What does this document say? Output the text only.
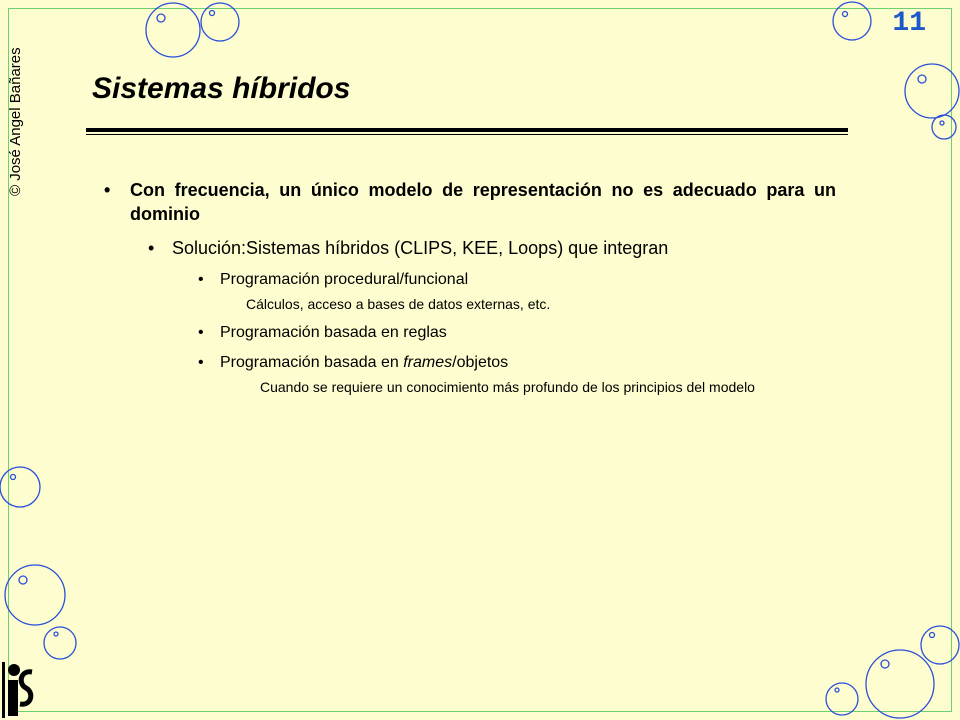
11
© José Angel Bañares Sistemas híbridos
• Con frecuencia, un único modelo de representación no es adecuado para un dominio
• Solución:Sistemas híbridos (CLIPS, KEE, Loops) que integran
• Programación procedural/funcional
Cálculos, acceso a bases de datos externas, etc.
• Programación basada en reglas
• Programación basada en frames/objetos
Cuando se requiere un conocimiento más profundo de los principios del modelo
